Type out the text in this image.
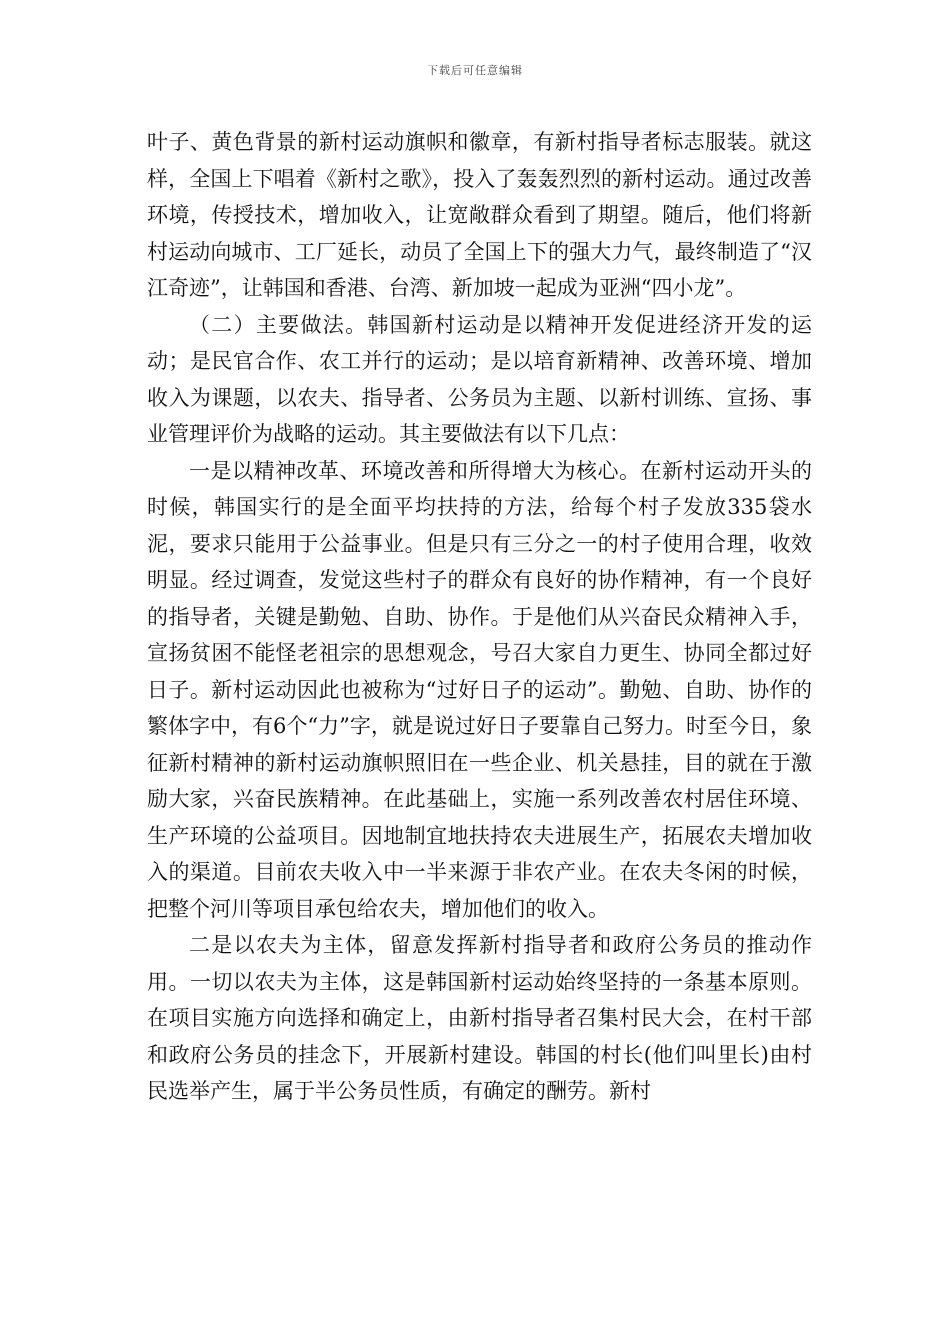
下载后可任意编辑

叶子、黄色背景的新村运动旗帜和徽章，有新村指导者标志服装。就这样，全国上下唱着《新村之歌》，投入了轰轰烈烈的新村运动。通过改善环境，传授技术，增加收入，让宽敞群众看到了期望。随后，他们将新村运动向城市、工厂延长，动员了全国上下的强大力气，最终制造了“汉江奇迹”，让韩国和香港、台湾、新加坡一起成为亚洲“四小龙”。

（二）主要做法。韩国新村运动是以精神开发促进经济开发的运动；是民官合作、农工并行的运动；是以培育新精神、改善环境、增加收入为课题，以农夫、指导者、公务员为主题、以新村训练、宣扬、事业管理评价为战略的运动。其主要做法有以下几点：

一是以精神改革、环境改善和所得增大为核心。在新村运动开头的时候，韩国实行的是全面平均扶持的方法，给每个村子发放335袋水泥，要求只能用于公益事业。但是只有三分之一的村子使用合理，收效明显。经过调查，发觉这些村子的群众有良好的协作精神，有一个良好的指导者，关键是勤勉、自助、协作。于是他们从兴奋民众精神入手，宣扬贫困不能怪老祖宗的思想观念，号召大家自力更生、协同全都过好日子。新村运动因此也被称为“过好日子的运动”。勤勉、自助、协作的繁体字中，有6个“力”字，就是说过好日子要靠自己努力。时至今日，象征新村精神的新村运动旗帜照旧在一些企业、机关悬挂，目的就在于激励大家，兴奋民族精神。在此基础上，实施一系列改善农村居住环境、生产环境的公益项目。因地制宜地扶持农夫进展生产，拓展农夫增加收入的渠道。目前农夫收入中一半来源于非农产业。在农夫冬闲的时候，把整个河川等项目承包给农夫，增加他们的收入。

二是以农夫为主体，留意发挥新村指导者和政府公务员的推动作用。一切以农夫为主体，这是韩国新村运动始终坚持的一条基本原则。在项目实施方向选择和确定上，由新村指导者召集村民大会，在村干部和政府公务员的挂念下，开展新村建设。韩国的村长(他们叫里长)由村民选举产生，属于半公务员性质，有确定的酬劳。新村
